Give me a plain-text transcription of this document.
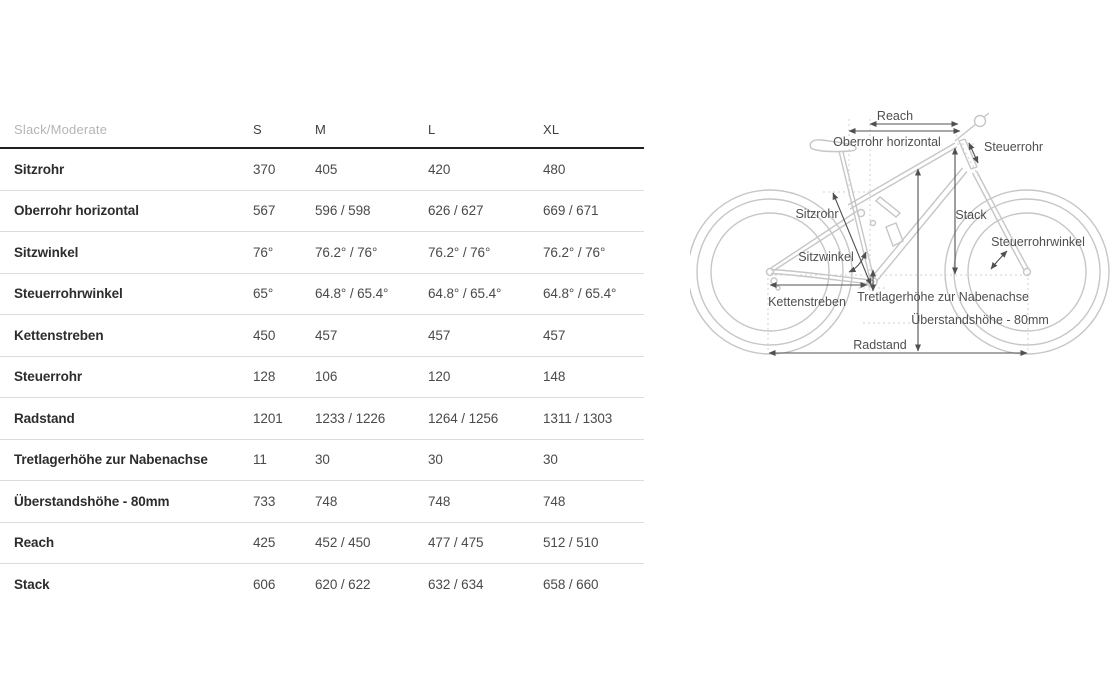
Slack/Moderate	S	M	L	XL
Sitzrohr	370	405	420	480
Oberrohr horizontal	567	596 / 598	626 / 627	669 / 671
Sitzwinkel	76°	76.2° / 76°	76.2° / 76°	76.2° / 76°
Steuerrohrwinkel	65°	64.8° / 65.4°	64.8° / 65.4°	64.8° / 65.4°
Kettenstreben	450	457	457	457
Steuerrohr	128	106	120	148
Radstand	1201	1233 / 1226	1264 / 1256	1311 / 1303
Tretlagerhöhe zur Nabenachse	11	30	30	30
Überstandshöhe - 80mm	733	748	748	748
Reach	425	452 / 450	477 / 475	512 / 510
Stack	606	620 / 622	632 / 634	658 / 660
Reach
Oberrohr horizontal	Steuerrohr
Sitzrohr	Stack
Sitzwinkel
Steuerrohrwinkel
Kettenstreben Tretlagerhöhe zur Nabenachse
Überstandshöhe - 80mm
Radstand
